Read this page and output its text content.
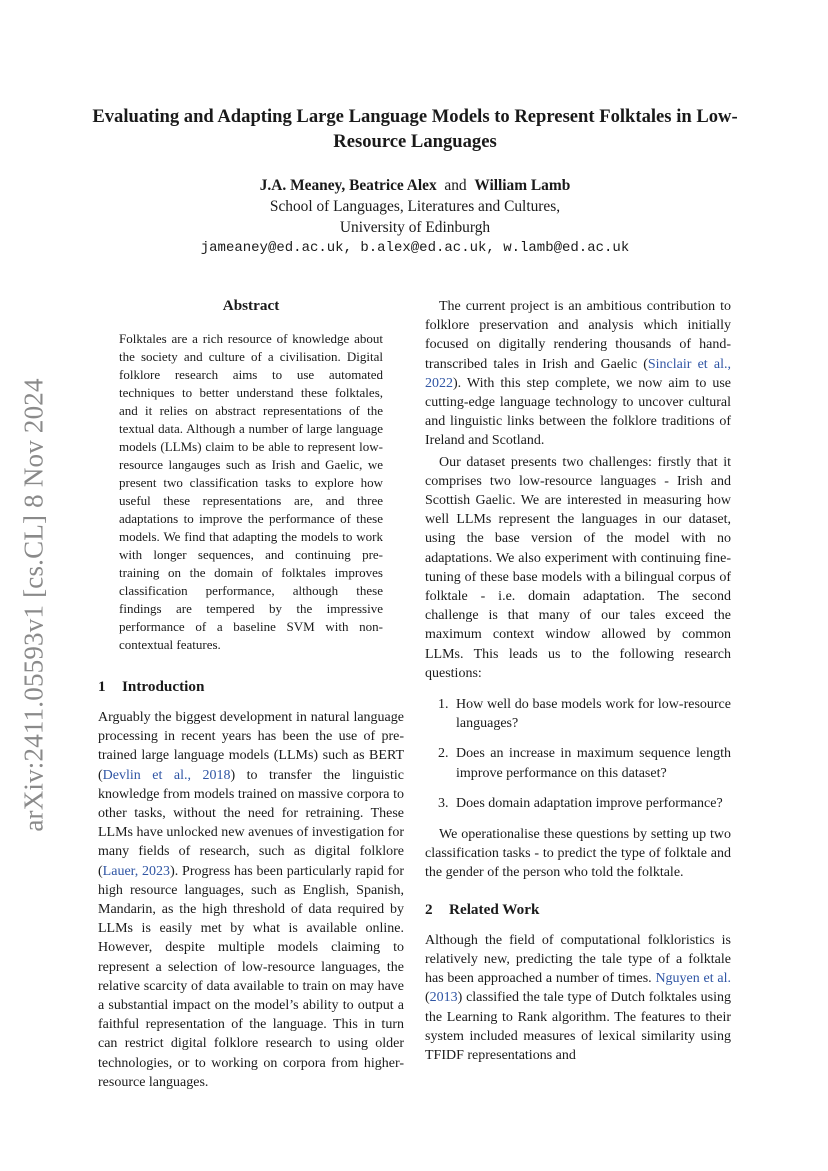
arXiv:2411.05593v1 [cs.CL] 8 Nov 2024
Evaluating and Adapting Large Language Models to Represent Folktales in Low-Resource Languages
J.A. Meaney, Beatrice Alex and William Lamb
School of Languages, Literatures and Cultures,
University of Edinburgh
jameaney@ed.ac.uk, b.alex@ed.ac.uk, w.lamb@ed.ac.uk
Abstract

Folktales are a rich resource of knowledge about the society and culture of a civilisation. Digital folklore research aims to use automated techniques to better understand these folktales, and it relies on abstract representations of the textual data. Although a number of large language models (LLMs) claim to be able to represent low-resource langauges such as Irish and Gaelic, we present two classification tasks to explore how useful these representations are, and three adaptations to improve the performance of these models. We find that adapting the models to work with longer sequences, and continuing pre-training on the domain of folktales improves classification performance, although these findings are tempered by the impressive performance of a baseline SVM with non-contextual features.

1 Introduction

Arguably the biggest development in natural language processing in recent years has been the use of pre-trained large language models (LLMs) such as BERT (Devlin et al., 2018) to transfer the linguistic knowledge from models trained on massive corpora to other tasks, without the need for retraining. These LLMs have unlocked new avenues of investigation for many fields of research, such as digital folklore (Lauer, 2023). Progress has been particularly rapid for high resource languages, such as English, Spanish, Mandarin, as the high threshold of data required by LLMs is easily met by what is available online. However, despite multiple models claiming to represent a selection of low-resource languages, the relative scarcity of data available to train on may have a substantial impact on the model’s ability to output a faithful representation of the language. This in turn can restrict digital folklore research to using older technologies, or to working on corpora from higher-resource languages.

The current project is an ambitious contribution to folklore preservation and analysis which initially focused on digitally rendering thousands of hand-transcribed tales in Irish and Gaelic (Sinclair et al., 2022). With this step complete, we now aim to use cutting-edge language technology to uncover cultural and linguistic links between the folklore traditions of Ireland and Scotland.

Our dataset presents two challenges: firstly that it comprises two low-resource languages - Irish and Scottish Gaelic. We are interested in measuring how well LLMs represent the languages in our dataset, using the base version of the model with no adaptations. We also experiment with continuing fine-tuning of these base models with a bilingual corpus of folktale - i.e. domain adaptation. The second challenge is that many of our tales exceed the maximum context window allowed by common LLMs. This leads us to the following research questions:

1. How well do base models work for low-resource languages?
2. Does an increase in maximum sequence length improve performance on this dataset?
3. Does domain adaptation improve performance?

We operationalise these questions by setting up two classification tasks - to predict the type of folktale and the gender of the person who told the folktale.

2 Related Work

Although the field of computational folkloristics is relatively new, predicting the tale type of a folktale has been approached a number of times. Nguyen et al. (2013) classified the tale type of Dutch folktales using the Learning to Rank algorithm. The features to their system included measures of lexical similarity using TFIDF representations and
